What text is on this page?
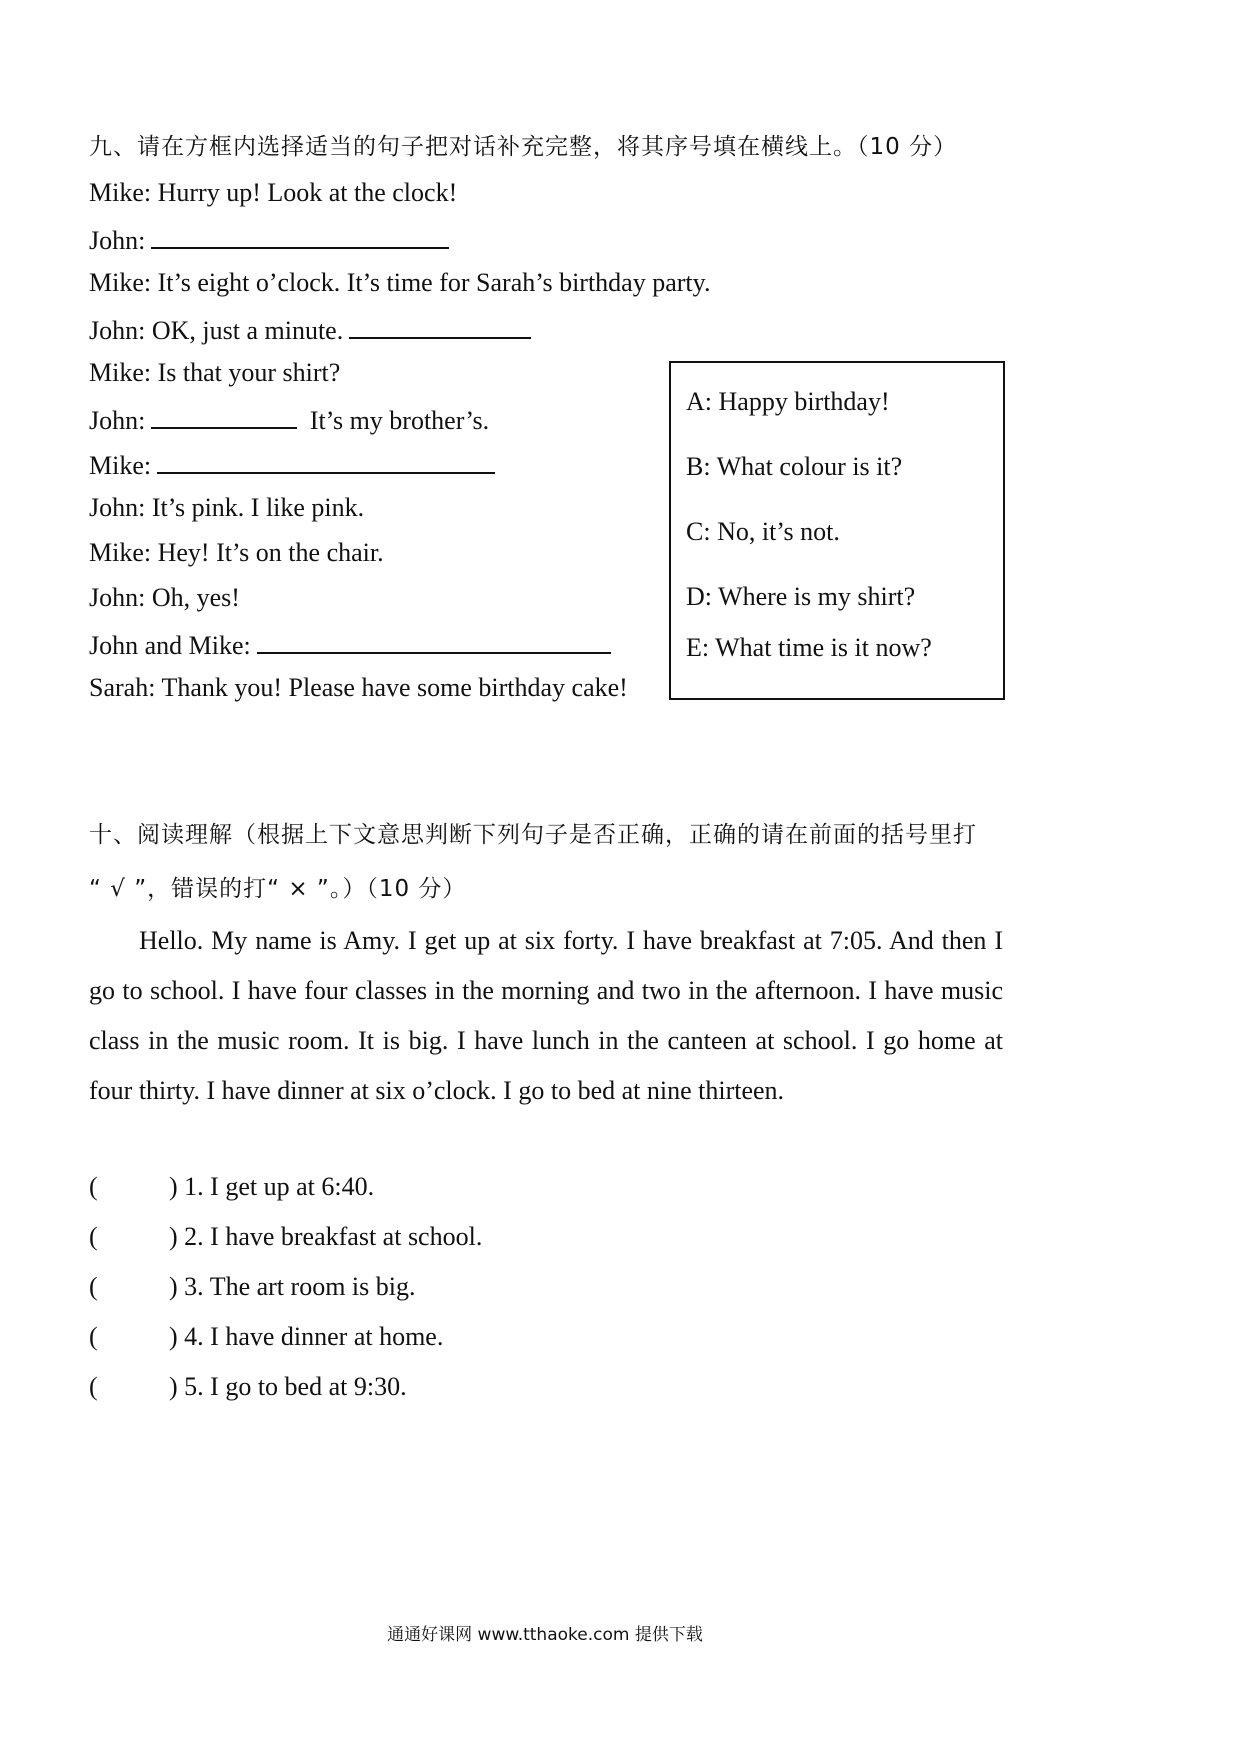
九、请在方框内选择适当的句子把对话补充完整，将其序号填在横线上。（10 分）
Mike: Hurry up! Look at the clock!
John:
Mike: It’s eight o’clock. It’s time for Sarah’s birthday party.
John: OK, just a minute.
Mike: Is that your shirt?
John:	It’s my brother’s.
Mike:
John: It’s pink. I like pink.
Mike: Hey! It’s on the chair.
John: Oh, yes!
John and Mike:
Sarah: Thank you! Please have some birthday cake!
A: Happy birthday!
B: What colour is it?
C: No, it’s not.
D: Where is my shirt?
E: What time is it now?
十、阅读理解（根据上下文意思判断下列句子是否正确，正确的请在前面的括号里打
“ √ ”，错误的打“ × ”。）（10 分）

Hello. My name is Amy. I get up at six forty. I have breakfast at 7:05. And then I go to school. I have four classes in the morning and two in the afternoon. I have music class in the music room. It is big. I have lunch in the canteen at school. I go home at four thirty. I have dinner at six o’clock. I go to bed at nine thirteen.

(	) 1. I get up at 6:40.
(	) 2. I have breakfast at school.
(	) 3. The art room is big.
(	) 4. I have dinner at home.
(	) 5. I go to bed at 9:30.
通通好课网 www.tthaoke.com 提供下载
